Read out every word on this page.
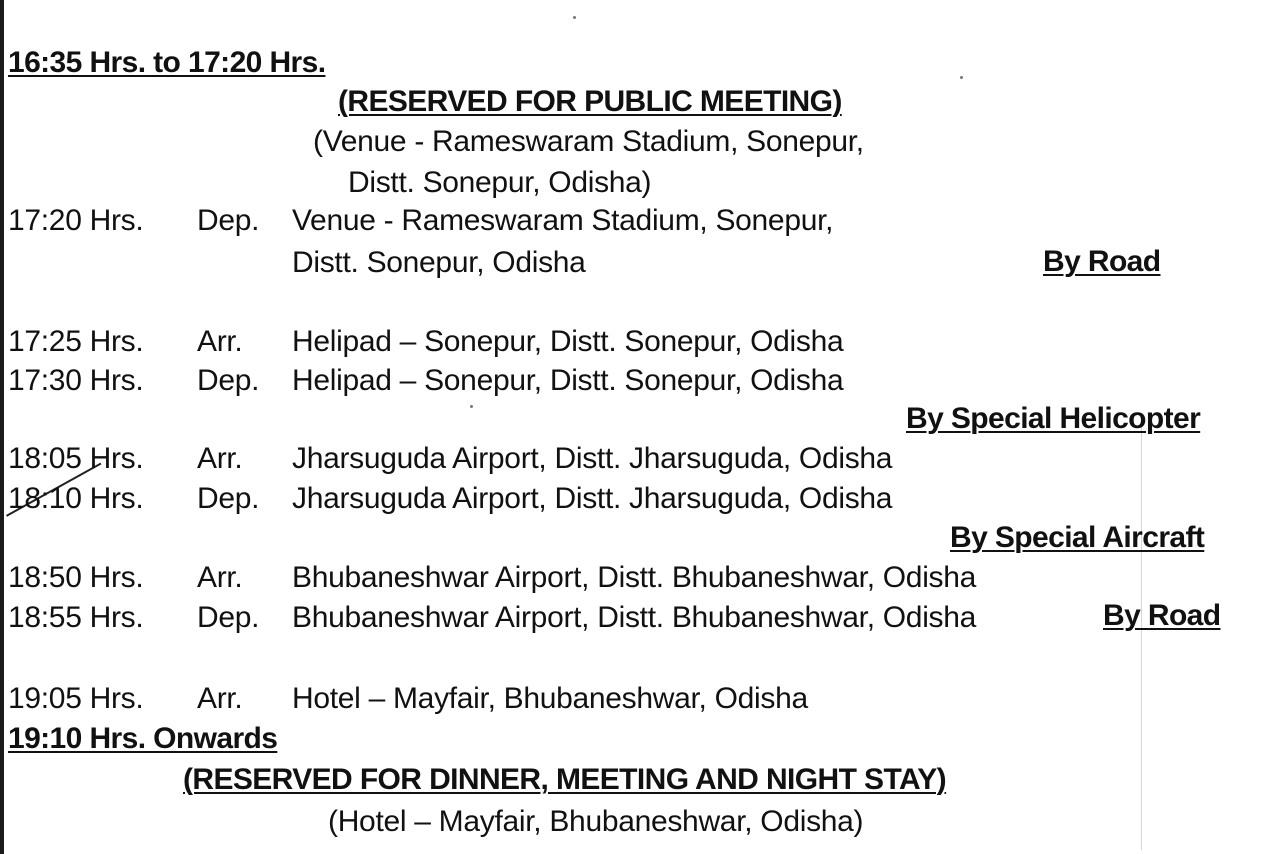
16:35 Hrs. to 17:20 Hrs.
(RESERVED FOR PUBLIC MEETING)
(Venue - Rameswaram Stadium, Sonepur,
Distt. Sonepur, Odisha)
17:20 Hrs. Dep. Venue - Rameswaram Stadium, Sonepur,
Distt. Sonepur, Odisha	By Road
17:25 Hrs. Arr. Helipad – Sonepur, Distt. Sonepur, Odisha
17:30 Hrs. Dep. Helipad – Sonepur, Distt. Sonepur, Odisha
By Special Helicopter
18:05 Hrs. Arr. Jharsuguda Airport, Distt. Jharsuguda, Odisha
18:10 Hrs. Dep. Jharsuguda Airport, Distt. Jharsuguda, Odisha
By Special Aircraft
18:50 Hrs. Arr. Bhubaneshwar Airport, Distt. Bhubaneshwar, Odisha
18:55 Hrs. Dep. Bhubaneshwar Airport, Distt. Bhubaneshwar, Odisha	By Road
19:05 Hrs. Arr. Hotel – Mayfair, Bhubaneshwar, Odisha
19:10 Hrs. Onwards
(RESERVED FOR DINNER, MEETING AND NIGHT STAY)
(Hotel – Mayfair, Bhubaneshwar, Odisha)
